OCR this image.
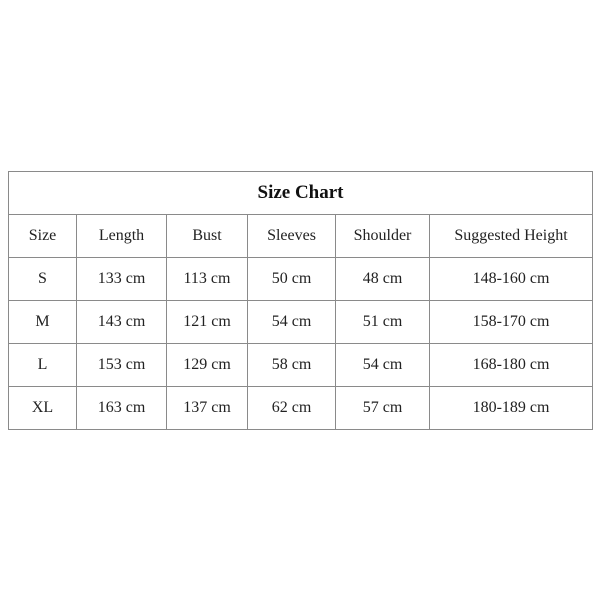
Size Chart					
Size	Length	Bust	Sleeves	Shoulder	Suggested Height
S	133 cm	113 cm	50 cm	48 cm	148-160 cm
M	143 cm	121 cm	54 cm	51 cm	158-170 cm
L	153 cm	129 cm	58 cm	54 cm	168-180 cm
XL	163 cm	137 cm	62 cm	57 cm	180-189 cm
